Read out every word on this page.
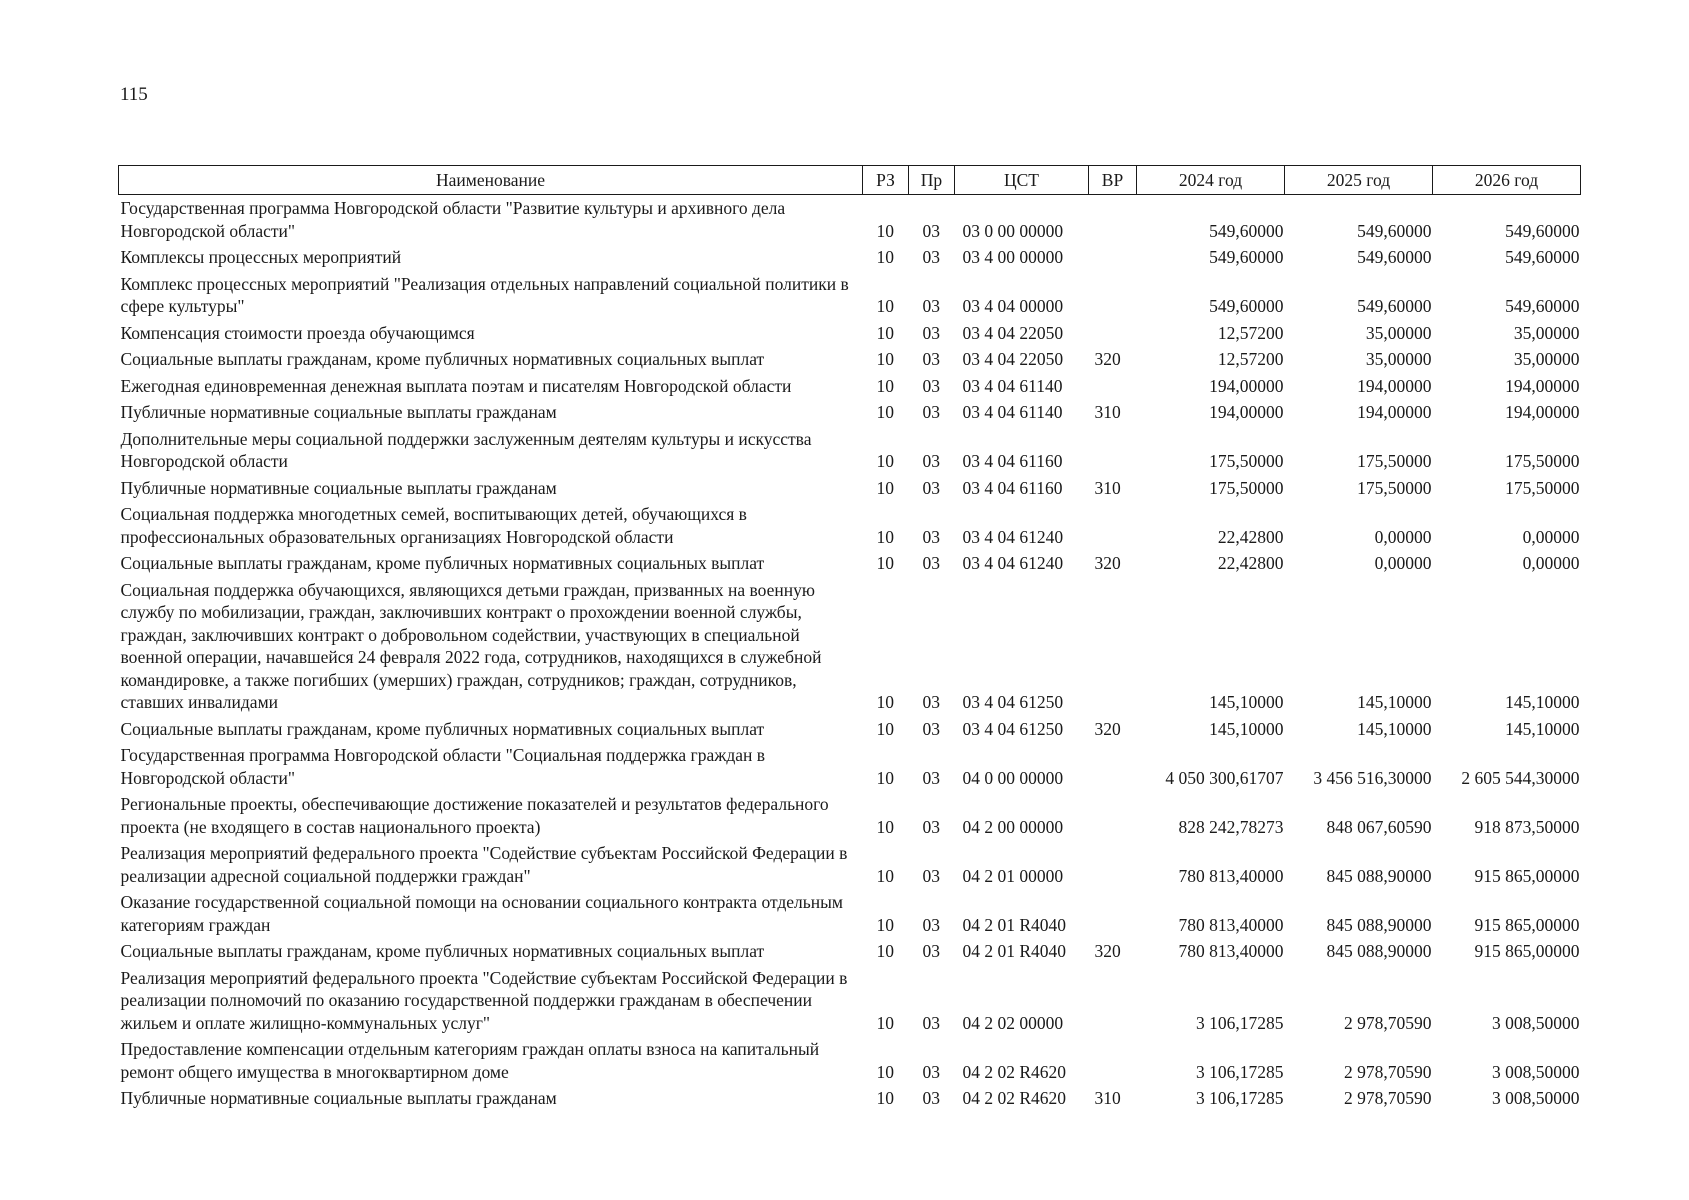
115
Наименование	РЗ	Пр	ЦСТ	ВР	2024 год	2025 год	2026 год
Государственная программа Новгородской области "Развитие культуры и архивного дела Новгородской области"	10	03	03 0 00 00000		549,60000	549,60000	549,60000
Комплексы процессных мероприятий	10	03	03 4 00 00000		549,60000	549,60000	549,60000
Комплекс процессных мероприятий "Реализация отдельных направлений социальной политики в сфере культуры"	10	03	03 4 04 00000		549,60000	549,60000	549,60000
Компенсация стоимости проезда обучающимся	10	03	03 4 04 22050		12,57200	35,00000	35,00000
Социальные выплаты гражданам, кроме публичных нормативных социальных выплат	10	03	03 4 04 22050	320	12,57200	35,00000	35,00000
Ежегодная единовременная денежная выплата поэтам и писателям Новгородской области	10	03	03 4 04 61140		194,00000	194,00000	194,00000
Публичные нормативные социальные выплаты гражданам	10	03	03 4 04 61140	310	194,00000	194,00000	194,00000
Дополнительные меры социальной поддержки заслуженным деятелям культуры и искусства Новгородской области	10	03	03 4 04 61160		175,50000	175,50000	175,50000
Публичные нормативные социальные выплаты гражданам	10	03	03 4 04 61160	310	175,50000	175,50000	175,50000
Социальная поддержка многодетных семей, воспитывающих детей, обучающихся в профессиональных образовательных организациях Новгородской области	10	03	03 4 04 61240		22,42800	0,00000	0,00000
Социальные выплаты гражданам, кроме публичных нормативных социальных выплат	10	03	03 4 04 61240	320	22,42800	0,00000	0,00000
Социальная поддержка обучающихся, являющихся детьми граждан, призванных на военную службу по мобилизации, граждан, заключивших контракт о прохождении военной службы, граждан, заключивших контракт о добровольном содействии, участвующих в специальной военной операции, начавшейся 24 февраля 2022 года, сотрудников, находящихся в служебной командировке, а также погибших (умерших) граждан, сотрудников; граждан, сотрудников, ставших инвалидами	10	03	03 4 04 61250		145,10000	145,10000	145,10000
Социальные выплаты гражданам, кроме публичных нормативных социальных выплат	10	03	03 4 04 61250	320	145,10000	145,10000	145,10000
Государственная программа Новгородской области "Социальная поддержка граждан в Новгородской области"	10	03	04 0 00 00000		4 050 300,61707	3 456 516,30000	2 605 544,30000
Региональные проекты, обеспечивающие достижение показателей и результатов федерального проекта (не входящего в состав национального проекта)	10	03	04 2 00 00000		828 242,78273	848 067,60590	918 873,50000
Реализация мероприятий федерального проекта "Содействие субъектам Российской Федерации в реализации адресной социальной поддержки граждан"	10	03	04 2 01 00000		780 813,40000	845 088,90000	915 865,00000
Оказание государственной социальной помощи на основании социального контракта отдельным категориям граждан	10	03	04 2 01 R4040		780 813,40000	845 088,90000	915 865,00000
Социальные выплаты гражданам, кроме публичных нормативных социальных выплат	10	03	04 2 01 R4040	320	780 813,40000	845 088,90000	915 865,00000
Реализация мероприятий федерального проекта "Содействие субъектам Российской Федерации в реализации полномочий по оказанию государственной поддержки гражданам в обеспечении жильем и оплате жилищно-коммунальных услуг"	10	03	04 2 02 00000		3 106,17285	2 978,70590	3 008,50000
Предоставление компенсации отдельным категориям граждан оплаты взноса на капитальный ремонт общего имущества в многоквартирном доме	10	03	04 2 02 R4620		3 106,17285	2 978,70590	3 008,50000
Публичные нормативные социальные выплаты гражданам	10	03	04 2 02 R4620	310	3 106,17285	2 978,70590	3 008,50000
